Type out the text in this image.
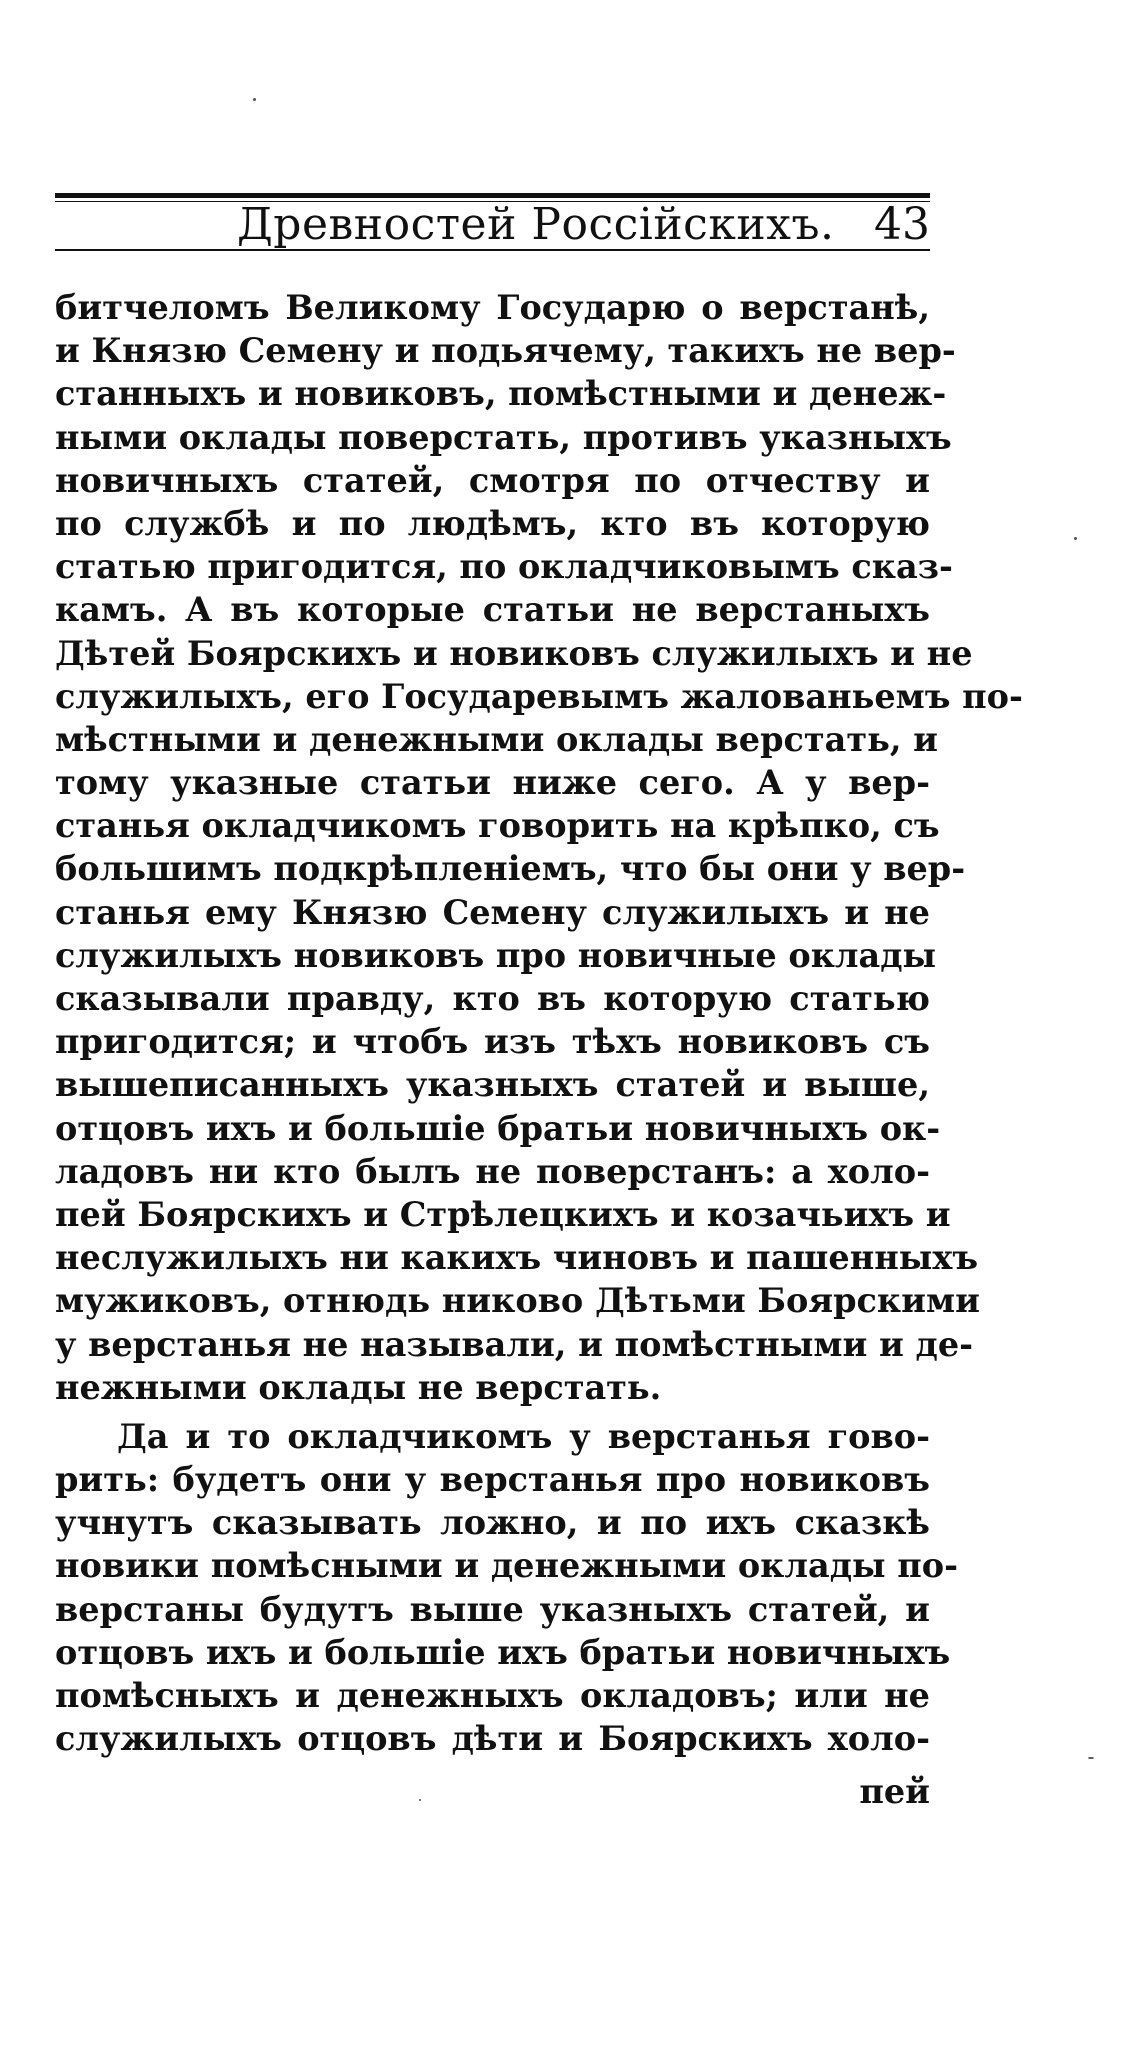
Древностей Россійскихъ. 43
битчеломъ Великому Государю о верстанѣ,
и Князю Семену и подьячему, такихъ не вер-
станныхъ и новиковъ, помѣстными и денеж-
ными оклады поверстать, противъ указныхъ
новичныхъ статей, смотря по отчеству и
по службѣ и по людѣмъ, кто въ которую
статью пригодится, по окладчиковымъ сказ-
камъ. А въ которые статьи не верстаныхъ
Дѣтей Боярскихъ и новиковъ служилыхъ и не
служилыхъ, его Государевымъ жалованьемъ по-
мѣстными и денежными оклады верстать, и
тому указные статьи ниже сего. А у вер-
станья окладчикомъ говорить на крѣпко, съ
большимъ подкрѣпленіемъ, что бы они у вер-
станья ему Князю Семену служилыхъ и не
служилыхъ новиковъ про новичные оклады
сказывали правду, кто въ которую статью
пригодится; и чтобъ изъ тѣхъ новиковъ съ
вышеписанныхъ указныхъ статей и выше,
отцовъ ихъ и большіе братьи новичныхъ ок-
ладовъ ни кто былъ не поверстанъ: а холо-
пей Боярскихъ и Стрѣлецкихъ и козачьихъ и
неслужилыхъ ни какихъ чиновъ и пашенныхъ
мужиковъ, отнюдь никово Дѣтьми Боярскими
у верстанья не называли, и помѣстными и де-
нежными оклады не верстать.
Да и то окладчикомъ у верстанья гово-
рить: будетъ они у верстанья про новиковъ
учнутъ сказывать ложно, и по ихъ сказкѣ
новики помѣсными и денежными оклады по-
верстаны будутъ выше указныхъ статей, и
отцовъ ихъ и большіе ихъ братьи новичныхъ
помѣсныхъ и денежныхъ окладовъ; или не
служилыхъ отцовъ дѣти и Боярскихъ холо-
пей
